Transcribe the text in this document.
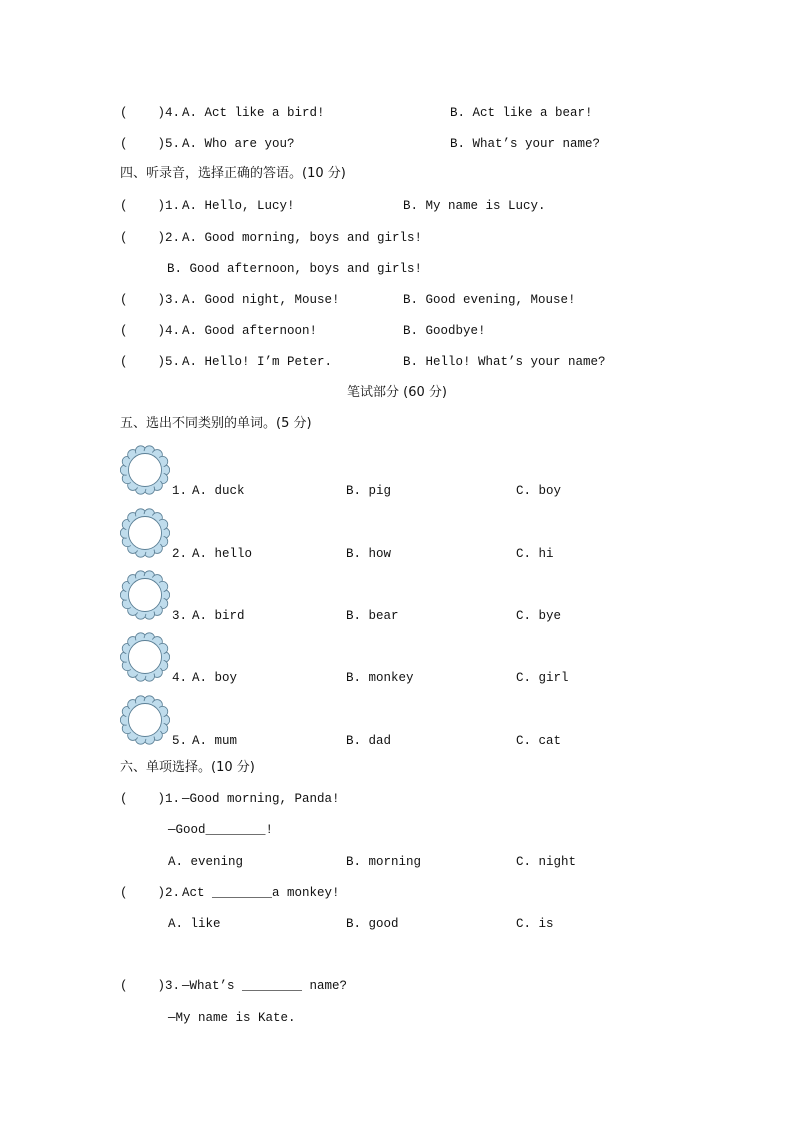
(    )4. A. Act like a bird!	B. Act like a bear!
(    )5. A. Who are you?	B. What’s your name?
四、听录音，选择正确的答语。(10 分)
(    )1. A. Hello, Lucy!	B. My name is Lucy.
(    )2. A. Good morning, boys and girls!
B. Good afternoon, boys and girls!
(    )3. A. Good night, Mouse!	B. Good evening, Mouse!
(    )4. A. Good afternoon!	B. Goodbye!
(    )5. A. Hello! I’m Peter.	B. Hello! What’s your name?
笔试部分 (60 分)
五、选出不同类别的单词。(5 分)
1. A. duck	B. pig	C. boy
2. A. hello	B. how	C. hi
3. A. bird	B. bear	C. bye
4. A. boy	B. monkey	C. girl
5. A. mum	B. dad	C. cat
六、单项选择。(10 分)
(    )1. —Good morning, Panda!
—Good________!
A. evening	B. morning	C. night
(    )2. Act ________a monkey!
A. like	B. good	C. is
(    )3. —What’s ________ name?
—My name is Kate.
